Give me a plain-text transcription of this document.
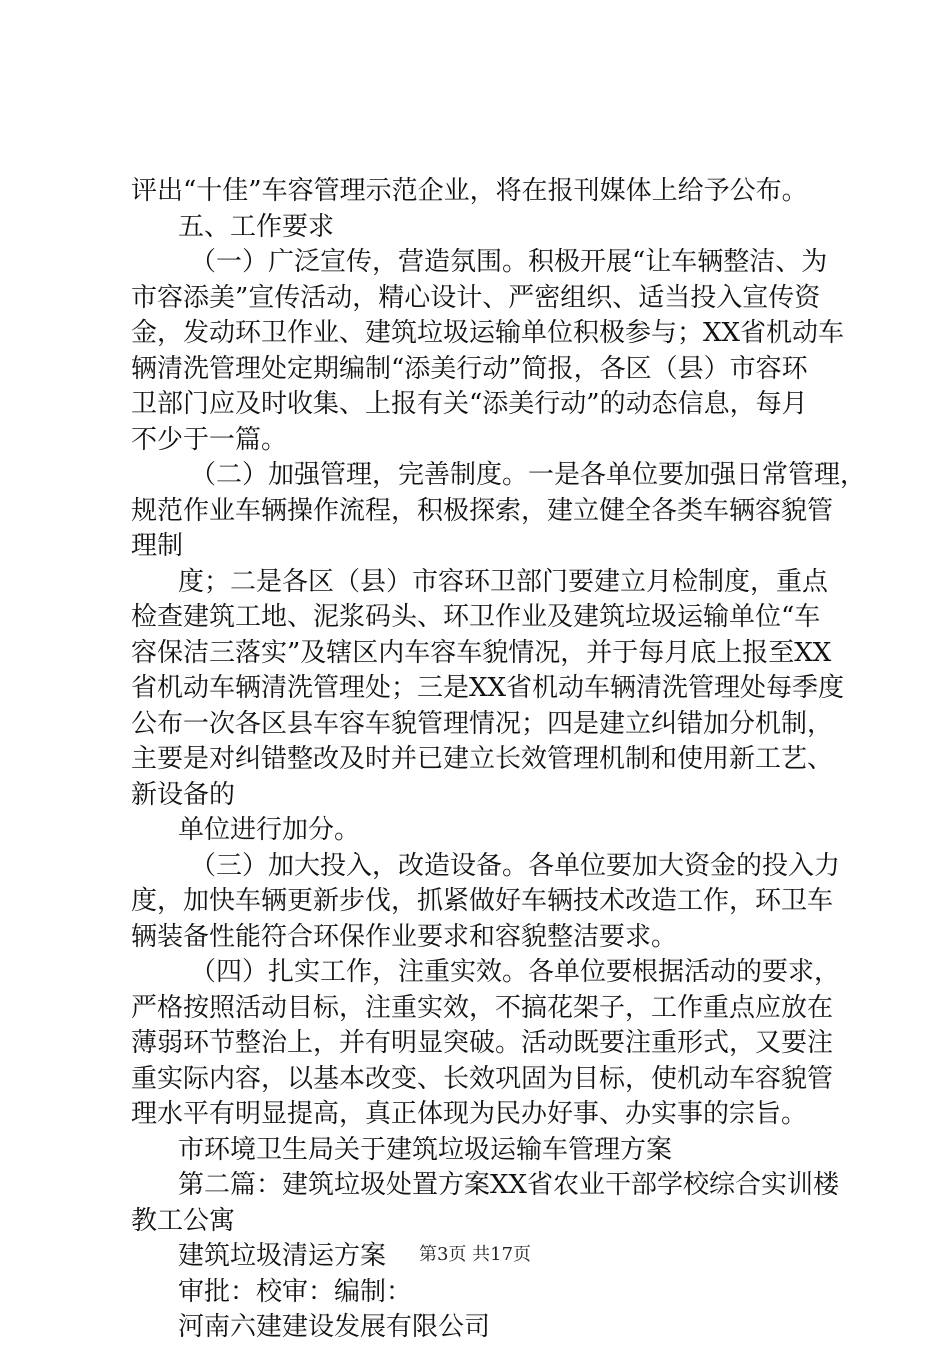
评出“十佳”车容管理示范企业，将在报刊媒体上给予公布。
五、工作要求
（一）广泛宣传，营造氛围。积极开展“让车辆整洁、为
市容添美”宣传活动，精心设计、严密组织、适当投入宣传资
金，发动环卫作业、建筑垃圾运输单位积极参与；XX省机动车
辆清洗管理处定期编制“添美行动”简报，各区（县）市容环
卫部门应及时收集、上报有关“添美行动”的动态信息，每月
不少于一篇。
（二）加强管理，完善制度。一是各单位要加强日常管理，
规范作业车辆操作流程，积极探索，建立健全各类车辆容貌管
理制
度；二是各区（县）市容环卫部门要建立月检制度，重点
检查建筑工地、泥浆码头、环卫作业及建筑垃圾运输单位“车
容保洁三落实”及辖区内车容车貌情况，并于每月底上报至XX
省机动车辆清洗管理处；三是XX省机动车辆清洗管理处每季度
公布一次各区县车容车貌管理情况；四是建立纠错加分机制，
主要是对纠错整改及时并已建立长效管理机制和使用新工艺、
新设备的
单位进行加分。
（三）加大投入，改造设备。各单位要加大资金的投入力
度，加快车辆更新步伐，抓紧做好车辆技术改造工作，环卫车
辆装备性能符合环保作业要求和容貌整洁要求。
（四）扎实工作，注重实效。各单位要根据活动的要求，
严格按照活动目标，注重实效，不搞花架子，工作重点应放在
薄弱环节整治上，并有明显突破。活动既要注重形式，又要注
重实际内容，以基本改变、长效巩固为目标，使机动车容貌管
理水平有明显提高，真正体现为民办好事、办实事的宗旨。
市环境卫生局关于建筑垃圾运输车管理方案
第二篇：建筑垃圾处置方案XX省农业干部学校综合实训楼
教工公寓
建筑垃圾清运方案
审批：校审：编制：
河南六建建设发展有限公司
第3页 共17页
